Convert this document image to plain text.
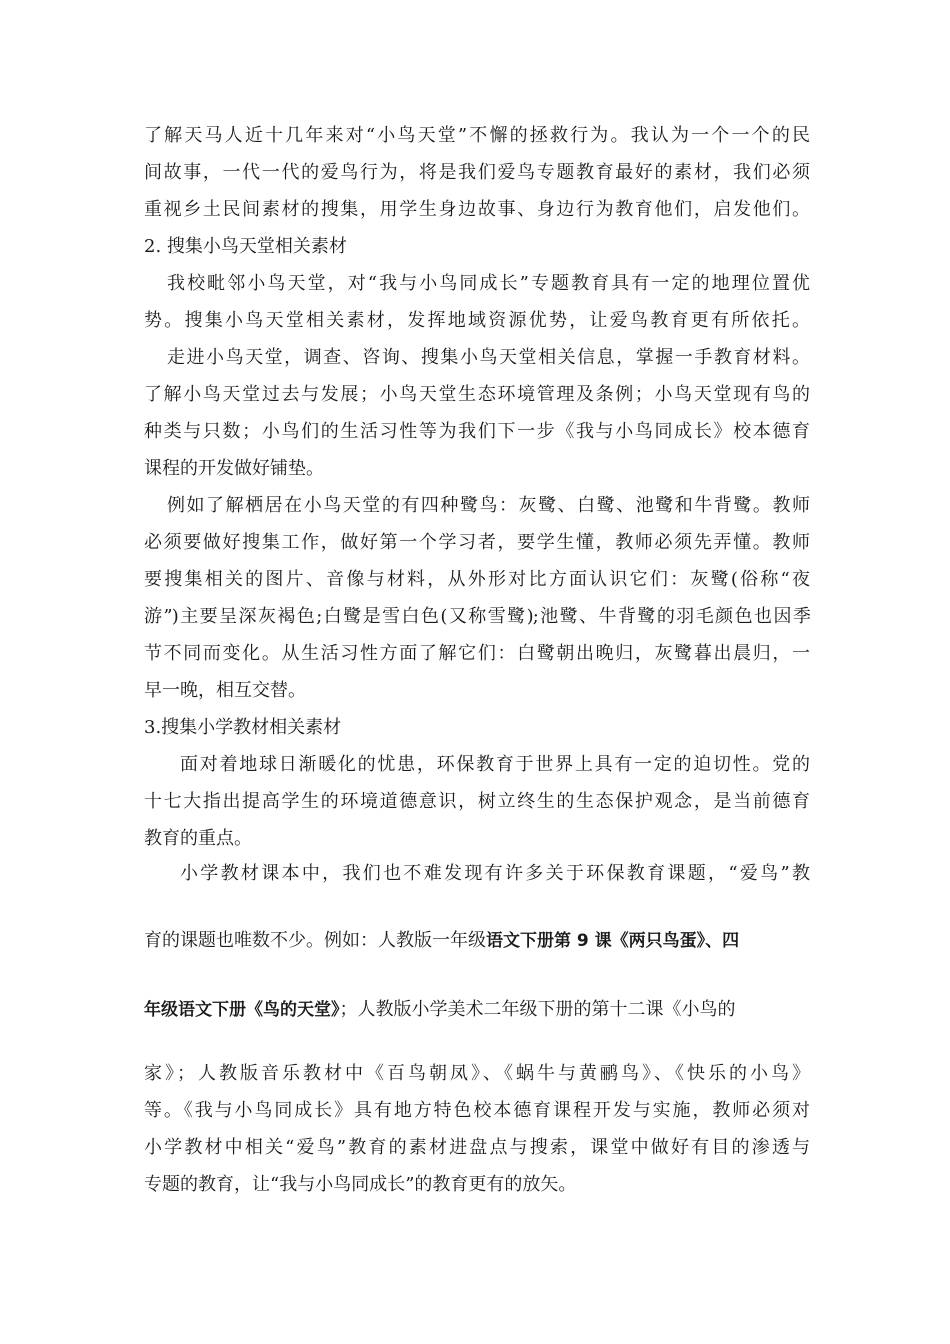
了解天马人近十几年来对“小鸟天堂”不懈的拯救行为。我认为一个一个的民
间故事，一代一代的爱鸟行为，将是我们爱鸟专题教育最好的素材，我们必须
重视乡土民间素材的搜集，用学生身边故事、身边行为教育他们，启发他们。
2. 搜集小鸟天堂相关素材
我校毗邻小鸟天堂，对“我与小鸟同成长”专题教育具有一定的地理位置优
势。搜集小鸟天堂相关素材，发挥地域资源优势，让爱鸟教育更有所依托。
走进小鸟天堂，调查、咨询、搜集小鸟天堂相关信息，掌握一手教育材料。
了解小鸟天堂过去与发展；小鸟天堂生态环境管理及条例；小鸟天堂现有鸟的
种类与只数；小鸟们的生活习性等为我们下一步《我与小鸟同成长》校本德育
课程的开发做好铺垫。
例如了解栖居在小鸟天堂的有四种鹭鸟：灰鹭、白鹭、池鹭和牛背鹭。教师
必须要做好搜集工作，做好第一个学习者，要学生懂，教师必须先弄懂。教师
要搜集相关的图片、音像与材料，从外形对比方面认识它们：灰鹭(俗称“夜
游”)主要呈深灰褐色;白鹭是雪白色(又称雪鹭);池鹭、牛背鹭的羽毛颜色也因季
节不同而变化。从生活习性方面了解它们：白鹭朝出晚归，灰鹭暮出晨归，一
早一晚，相互交替。
3.搜集小学教材相关素材
面对着地球日渐暖化的忧患，环保教育于世界上具有一定的迫切性。党的
十七大指出提高学生的环境道德意识，树立终生的生态保护观念，是当前德育
教育的重点。
小学教材课本中，我们也不难发现有许多关于环保教育课题，“爱鸟”教
育的课题也唯数不少。例如：人教版一年级语文下册第 9 课《两只鸟蛋》、四
年级语文下册《鸟的天堂》；人教版小学美术二年级下册的第十二课《小鸟的
家》；人教版音乐教材中《百鸟朝凤》、《蜗牛与黄鹂鸟》、《快乐的小鸟》
等。《我与小鸟同成长》具有地方特色校本德育课程开发与实施，教师必须对
小学教材中相关“爱鸟”教育的素材进盘点与搜索，课堂中做好有目的渗透与
专题的教育，让“我与小鸟同成长”的教育更有的放矢。
